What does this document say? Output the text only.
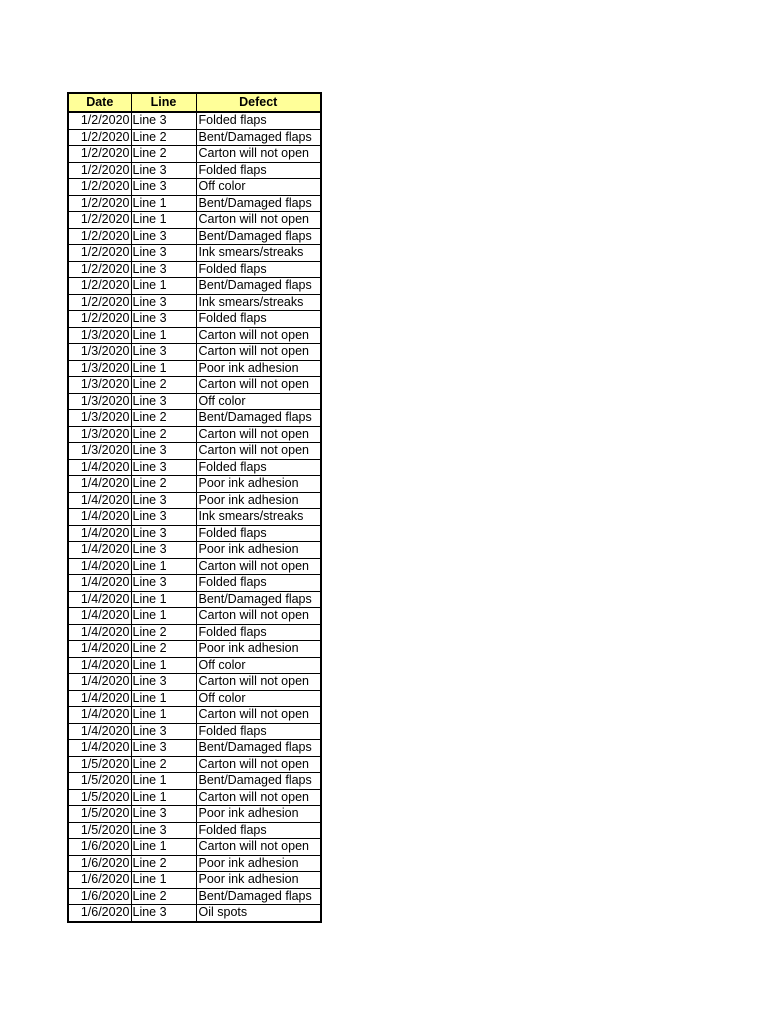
Date	Line	Defect
1/2/2020	Line 3	Folded flaps
1/2/2020	Line 2	Bent/Damaged flaps
1/2/2020	Line 2	Carton will not open
1/2/2020	Line 3	Folded flaps
1/2/2020	Line 3	Off color
1/2/2020	Line 1	Bent/Damaged flaps
1/2/2020	Line 1	Carton will not open
1/2/2020	Line 3	Bent/Damaged flaps
1/2/2020	Line 3	Ink smears/streaks
1/2/2020	Line 3	Folded flaps
1/2/2020	Line 1	Bent/Damaged flaps
1/2/2020	Line 3	Ink smears/streaks
1/2/2020	Line 3	Folded flaps
1/3/2020	Line 1	Carton will not open
1/3/2020	Line 3	Carton will not open
1/3/2020	Line 1	Poor ink adhesion
1/3/2020	Line 2	Carton will not open
1/3/2020	Line 3	Off color
1/3/2020	Line 2	Bent/Damaged flaps
1/3/2020	Line 2	Carton will not open
1/3/2020	Line 3	Carton will not open
1/4/2020	Line 3	Folded flaps
1/4/2020	Line 2	Poor ink adhesion
1/4/2020	Line 3	Poor ink adhesion
1/4/2020	Line 3	Ink smears/streaks
1/4/2020	Line 3	Folded flaps
1/4/2020	Line 3	Poor ink adhesion
1/4/2020	Line 1	Carton will not open
1/4/2020	Line 3	Folded flaps
1/4/2020	Line 1	Bent/Damaged flaps
1/4/2020	Line 1	Carton will not open
1/4/2020	Line 2	Folded flaps
1/4/2020	Line 2	Poor ink adhesion
1/4/2020	Line 1	Off color
1/4/2020	Line 3	Carton will not open
1/4/2020	Line 1	Off color
1/4/2020	Line 1	Carton will not open
1/4/2020	Line 3	Folded flaps
1/4/2020	Line 3	Bent/Damaged flaps
1/5/2020	Line 2	Carton will not open
1/5/2020	Line 1	Bent/Damaged flaps
1/5/2020	Line 1	Carton will not open
1/5/2020	Line 3	Poor ink adhesion
1/5/2020	Line 3	Folded flaps
1/6/2020	Line 1	Carton will not open
1/6/2020	Line 2	Poor ink adhesion
1/6/2020	Line 1	Poor ink adhesion
1/6/2020	Line 2	Bent/Damaged flaps
1/6/2020	Line 3	Oil spots
